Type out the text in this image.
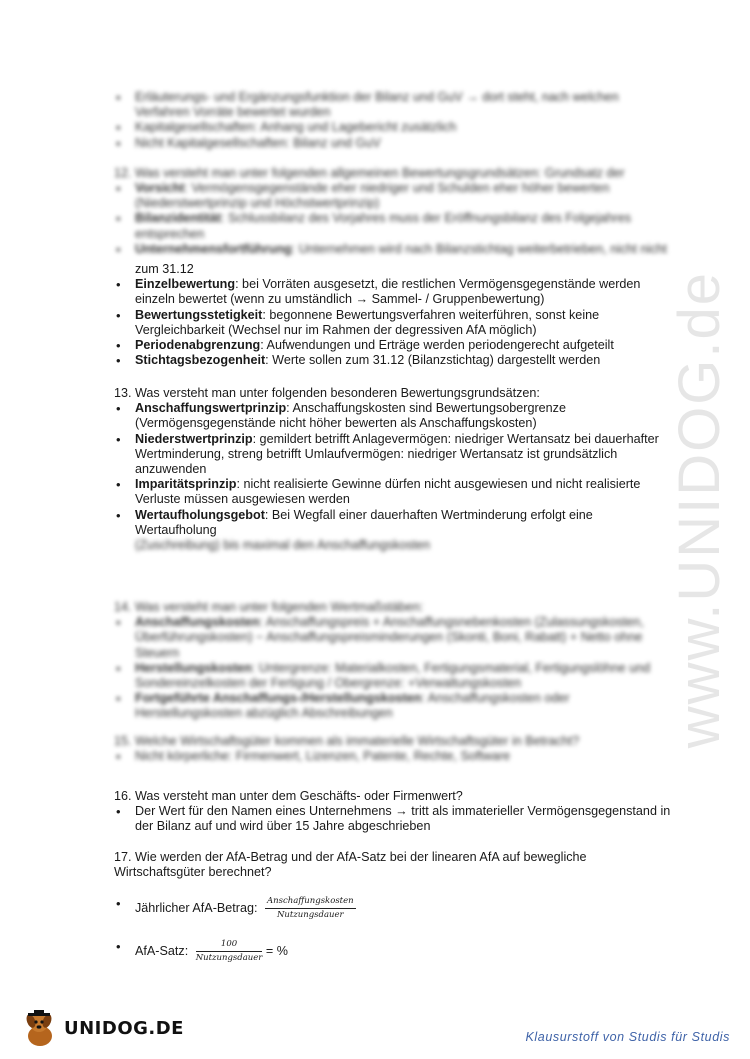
www.UNIDOG.de
• Erläuterungs- und Ergänzungsfunktion der Bilanz und GuV → dort steht, nach welchen Verfahren Vorräte bewertet wurden
• Kapitalgesellschaften: Anhang und Lagebericht zusätzlich
• Nicht Kapitalgesellschaften: Bilanz und GuV

12. Was versteht man unter folgenden allgemeinen Bewertungsgrundsätzen: Grundsatz der

• Vorsicht: Vermögensgegenstände eher niedriger und Schulden eher höher bewerten (Niederstwertprinzip und Höchstwertprinzip)
• Bilanzidentität: Schlussbilanz des Vorjahres muss der Eröffnungsbilanz des Folgejahres entsprechen
• Unternehmensfortführung: Unternehmen wird nach Bilanzstichtag weiterbetrieben, nicht nicht

zum 31.12

• Einzelbewertung: bei Vorräten ausgesetzt, die restlichen Vermögensgegenstände werden einzeln bewertet (wenn zu umständlich → Sammel- / Gruppenbewertung)
• Bewertungsstetigkeit: begonnene Bewertungsverfahren weiterführen, sonst keine Vergleichbarkeit (Wechsel nur im Rahmen der degressiven AfA möglich)
• Periodenabgrenzung: Aufwendungen und Erträge werden periodengerecht aufgeteilt
• Stichtagsbezogenheit: Werte sollen zum 31.12 (Bilanzstichtag) dargestellt werden

13. Was versteht man unter folgenden besonderen Bewertungsgrundsätzen:

• Anschaffungswertprinzip: Anschaffungskosten sind Bewertungsobergrenze (Vermögensgegenstände nicht höher bewerten als Anschaffungskosten)
• Niederstwertprinzip: gemildert betrifft Anlagevermögen: niedriger Wertansatz bei dauerhafter Wertminderung, streng betrifft Umlaufvermögen: niedriger Wertansatz ist grundsätzlich anzuwenden
• Imparitätsprinzip: nicht realisierte Gewinne dürfen nicht ausgewiesen und nicht realisierte Verluste müssen ausgewiesen werden
• Wertaufholungsgebot: Bei Wegfall einer dauerhaften Wertminderung erfolgt eine Wertaufholung

(Zuschreibung) bis maximal den Anschaffungskosten

14. Was versteht man unter folgenden Wertmaßstäben:

• Anschaffungskosten: Anschaffungspreis + Anschaffungsnebenkosten (Zulassungskosten, Überführungskosten) − Anschaffungspreisminderungen (Skonti, Boni, Rabatt) + Netto ohne Steuern
• Herstellungskosten: Untergrenze: Materialkosten, Fertigungsmaterial, Fertigungslöhne und Sondereinzelkosten der Fertigung / Obergrenze: +Verwaltungskosten
• Fortgeführte Anschaffungs-/Herstellungskosten: Anschaffungskosten oder Herstellungskosten abzüglich Abschreibungen

15. Welche Wirtschaftsgüter kommen als immaterielle Wirtschaftsgüter in Betracht?

• Nicht körperliche: Firmenwert, Lizenzen, Patente, Rechte, Software

16. Was versteht man unter dem Geschäfts- oder Firmenwert?

• Der Wert für den Namen eines Unternehmens → tritt als immaterieller Vermögensgegenstand in der Bilanz auf und wird über 15 Jahre abgeschrieben

17. Wie werden der AfA-Betrag und der AfA-Satz bei der linearen AfA auf bewegliche Wirtschaftsgüter berechnet?

• Jährlicher AfA-Betrag: $\frac{\text{Anschaffungskosten}}{\text{Nutzungsdauer}}$
• AfA-Satz: $\frac{100}{\text{Nutzungsdauer}}$ = %
UNIDOG.DE	Klausurstoff von Studis für Studis
